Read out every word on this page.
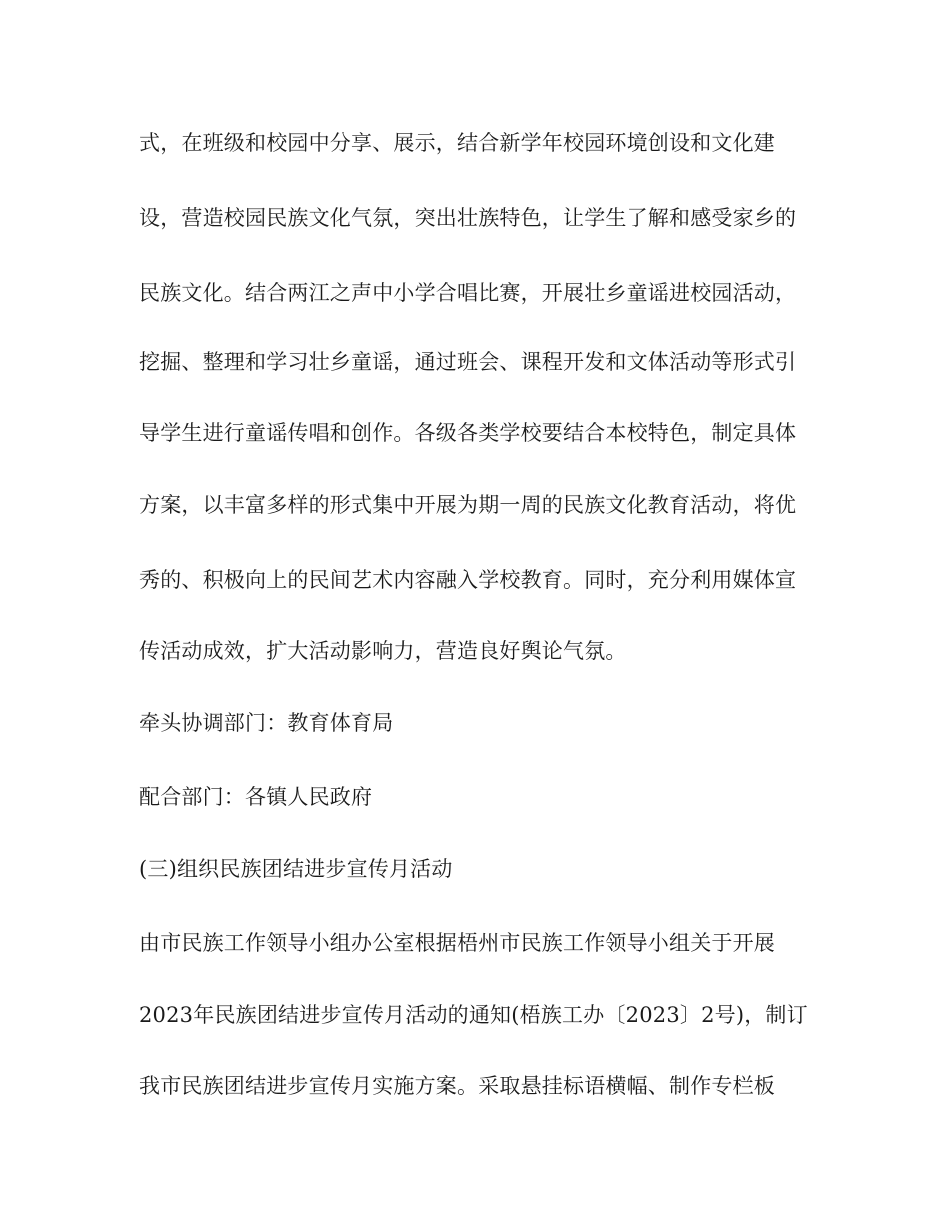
式，在班级和校园中分享、展示，结合新学年校园环境创设和文化建

设，营造校园民族文化气氛，突出壮族特色，让学生了解和感受家乡的

民族文化。结合两江之声中小学合唱比赛，开展壮乡童谣进校园活动，

挖掘、整理和学习壮乡童谣，通过班会、课程开发和文体活动等形式引

导学生进行童谣传唱和创作。各级各类学校要结合本校特色，制定具体

方案，以丰富多样的形式集中开展为期一周的民族文化教育活动，将优

秀的、积极向上的民间艺术内容融入学校教育。同时，充分利用媒体宣

传活动成效，扩大活动影响力，营造良好舆论气氛。

牵头协调部门：教育体育局

配合部门：各镇人民政府

(三)组织民族团结进步宣传月活动

由市民族工作领导小组办公室根据梧州市民族工作领导小组关于开展

2023年民族团结进步宣传月活动的通知(梧族工办〔2023〕2号)，制订

我市民族团结进步宣传月实施方案。采取悬挂标语横幅、制作专栏板
